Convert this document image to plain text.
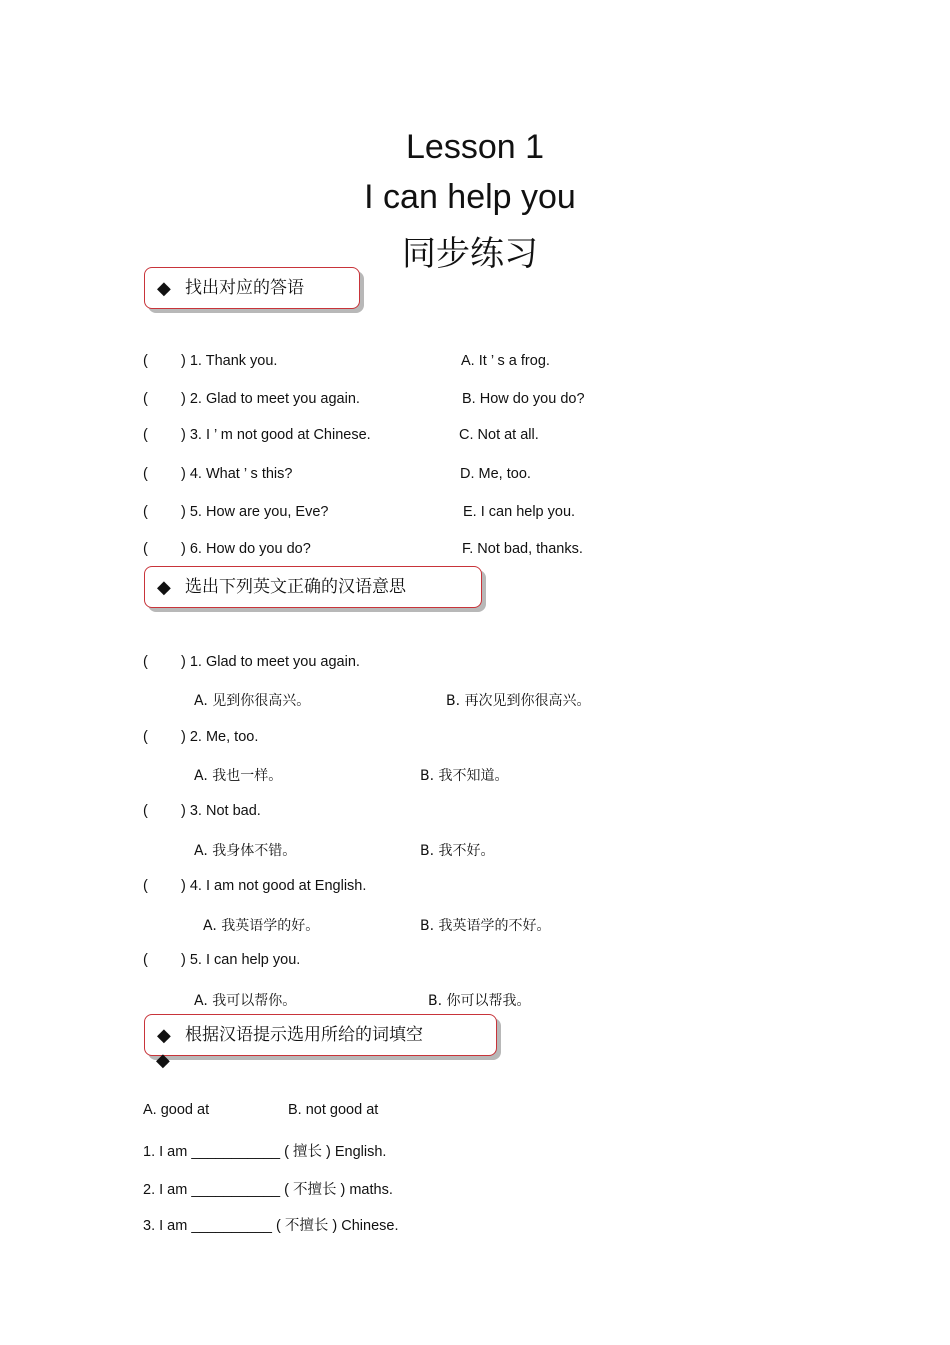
Lesson 1
I can help you
同步练习
◆ 找出对应的答语
( ) 1. Thank you.	A. It ’ s a frog.
( ) 2. Glad to meet you again.	B. How do you do?
( ) 3. I ’ m not good at Chinese.	C. Not at all.
( ) 4. What ’ s this?	D. Me, too.
( ) 5. How are you, Eve?	E. I can help you.
( ) 6. How do you do?	F. Not bad, thanks.
◆ 选出下列英文正确的汉语意思
( ) 1. Glad to meet you again.
A. 见到你很高兴。	B. 再次见到你很高兴。
( ) 2. Me, too.
A. 我也一样。	B. 我不知道。
( ) 3. Not bad.
A. 我身体不错。	B. 我不好。
( ) 4. I am not good at English.
A. 我英语学的好。	B. 我英语学的不好。
( ) 5. I can help you.
A. 我可以帮你。	B. 你可以帮我。
◆ 根据汉语提示选用所给的词填空
◆
A. good at	B. not good at
1. I am ___________ ( 擅长 ) English.
2. I am ___________ ( 不擅长 ) maths.
3. I am __________ ( 不擅长 ) Chinese.
